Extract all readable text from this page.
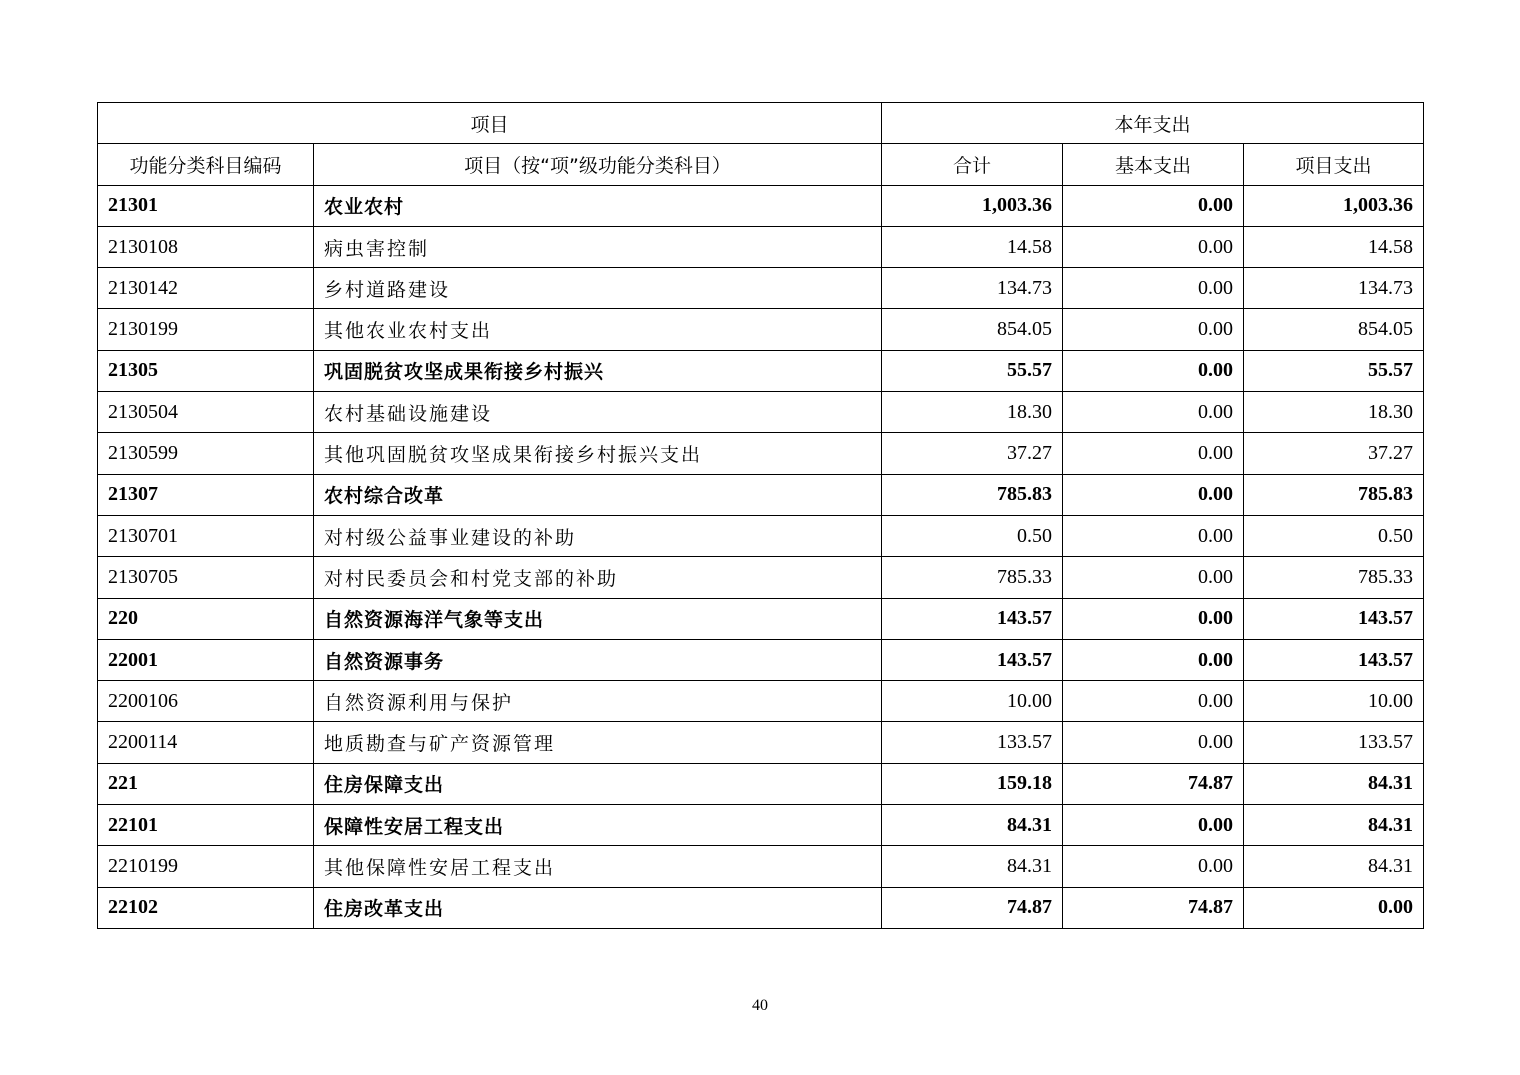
项目		本年支出		
功能分类科目编码	项目（按“项”级功能分类科目）	合计	基本支出	项目支出
21301	农业农村	1,003.36	0.00	1,003.36
2130108	病虫害控制	14.58	0.00	14.58
2130142	乡村道路建设	134.73	0.00	134.73
2130199	其他农业农村支出	854.05	0.00	854.05
21305	巩固脱贫攻坚成果衔接乡村振兴	55.57	0.00	55.57
2130504	农村基础设施建设	18.30	0.00	18.30
2130599	其他巩固脱贫攻坚成果衔接乡村振兴支出	37.27	0.00	37.27
21307	农村综合改革	785.83	0.00	785.83
2130701	对村级公益事业建设的补助	0.50	0.00	0.50
2130705	对村民委员会和村党支部的补助	785.33	0.00	785.33
220	自然资源海洋气象等支出	143.57	0.00	143.57
22001	自然资源事务	143.57	0.00	143.57
2200106	自然资源利用与保护	10.00	0.00	10.00
2200114	地质勘查与矿产资源管理	133.57	0.00	133.57
221	住房保障支出	159.18	74.87	84.31
22101	保障性安居工程支出	84.31	0.00	84.31
2210199	其他保障性安居工程支出	84.31	0.00	84.31
22102	住房改革支出	74.87	74.87	0.00
40
